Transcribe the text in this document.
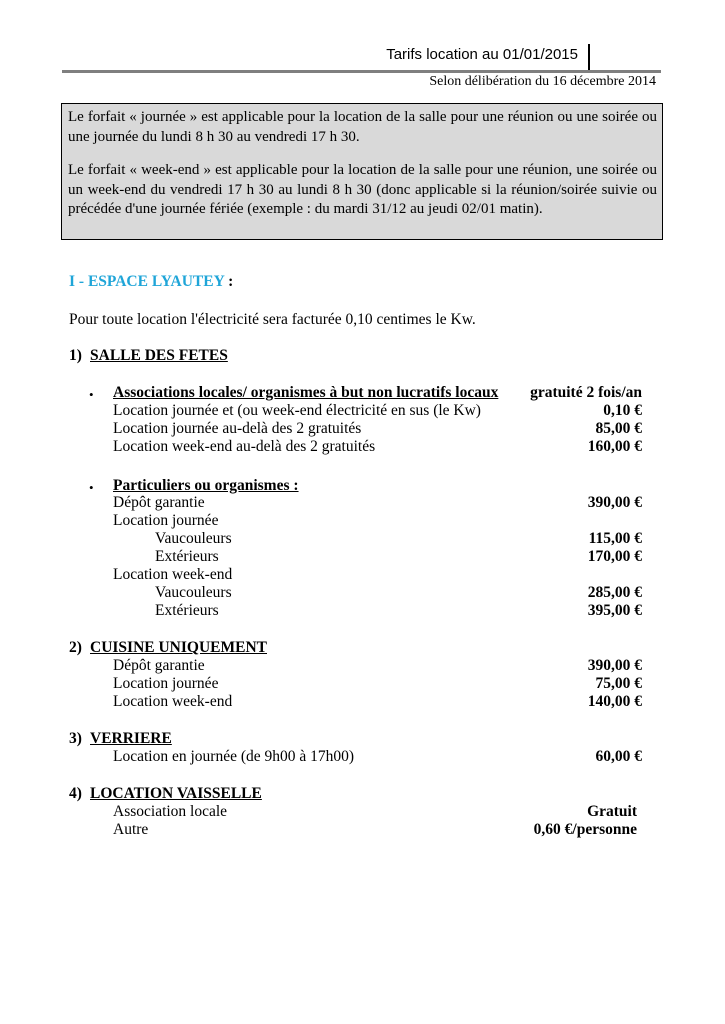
Tarifs location au 01/01/2015
Selon délibération du 16 décembre 2014

Le forfait « journée » est applicable pour la location de la salle pour une réunion ou une soirée ou une journée du lundi 8 h 30 au vendredi 17 h 30.

Le forfait « week-end » est applicable pour la location de la salle pour une réunion, une soirée ou un week-end du vendredi 17 h 30 au lundi 8 h 30 (donc applicable si la réunion/soirée suivie ou précédée d'une journée fériée (exemple : du mardi 31/12 au jeudi 02/01 matin).

I - ESPACE LYAUTEY :
Pour toute location l'électricité sera facturée 0,10 centimes le Kw.
1) SALLE DES FETES
• Associations locales/ organismes à but non lucratifs locaux	gratuité 2 fois/an
Location journée et (ou week-end électricité en sus (le Kw)	0,10 €
Location journée au-delà des 2 gratuités	85,00 €
Location week-end au-delà des 2 gratuités	160,00 €
• Particuliers ou organismes :
Dépôt garantie	390,00 €
Location journée
Vaucouleurs	115,00 €
Extérieurs	170,00 €
Location week-end
Vaucouleurs	285,00 €
Extérieurs	395,00 €
2) CUISINE UNIQUEMENT
Dépôt garantie	390,00 €
Location journée	75,00 €
Location week-end	140,00 €
3) VERRIERE
Location en journée (de 9h00 à 17h00)	60,00 €
4) LOCATION VAISSELLE
Association locale	Gratuit
Autre	0,60 €/personne
